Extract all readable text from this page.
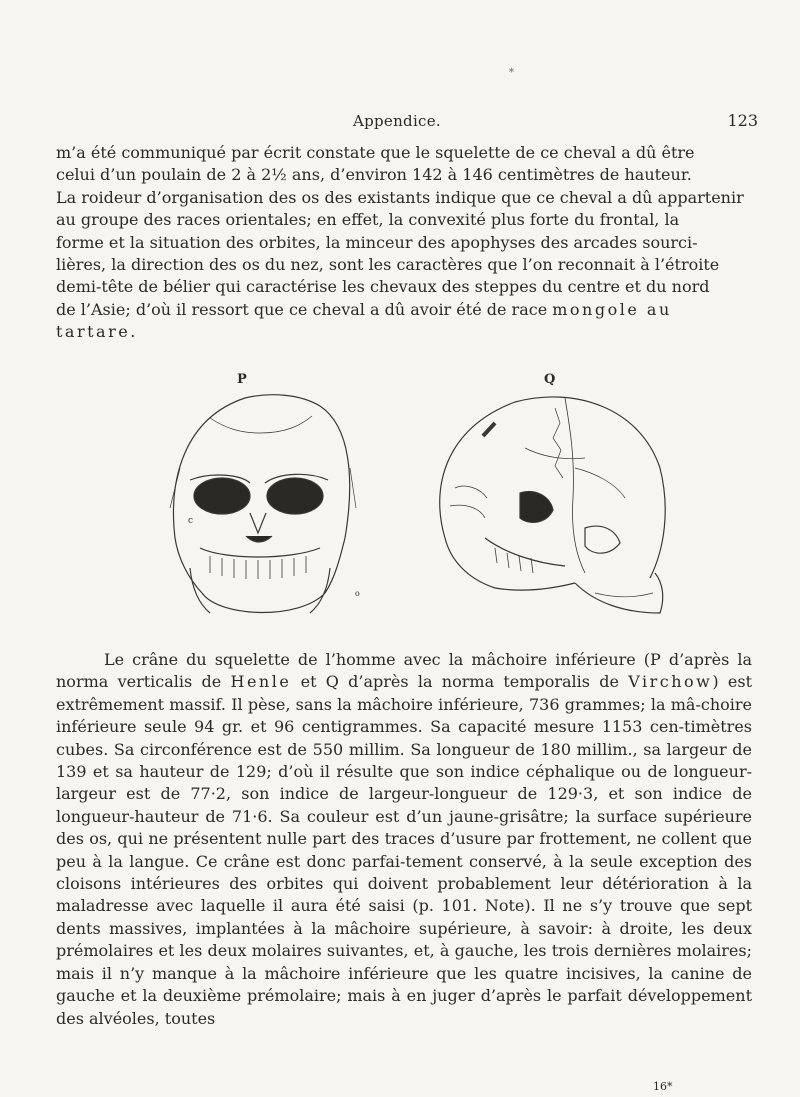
⁎
Appendice.	123

m’a été communiqué par écrit constate que le squelette de ce cheval a dû être

celui d’un poulain de 2 à 2½ ans, d’environ 142 à 146 centimètres de hauteur.

La roideur d’organisation des os des existants indique que ce cheval a dû appartenir

au groupe des races orientales; en effet, la convexité plus forte du frontal, la

forme et la situation des orbites, la minceur des apophyses des arcades sourci-

lières, la direction des os du nez, sont les caractères que l’on reconnait à l’étroite

demi-tête de bélier qui caractérise les chevaux des steppes du centre et du nord

de l’Asie; d’où il ressort que ce cheval a dû avoir été de race mongole au

tartare.

P	Q
c
o
Le crâne du squelette de l’homme avec la mâchoire inférieure (P d’après la norma verticalis de Henle et Q d’après la norma temporalis de Virchow) est extrêmement massif. Il pèse, sans la mâchoire inférieure, 736 grammes; la mâ-choire inférieure seule 94 gr. et 96 centigrammes. Sa capacité mesure 1153 cen-timètres cubes. Sa circonférence est de 550 millim. Sa longueur de 180 millim., sa largeur de 139 et sa hauteur de 129; d’où il résulte que son indice céphalique ou de longueur-largeur est de 77·2, son indice de largeur-longueur de 129·3, et son indice de longueur-hauteur de 71·6. Sa couleur est d’un jaune-grisâtre; la surface supérieure des os, qui ne présentent nulle part des traces d’usure par frottement, ne collent que peu à la langue. Ce crâne est donc parfai-tement conservé, à la seule exception des cloisons intérieures des orbites qui doivent probablement leur détérioration à la maladresse avec laquelle il aura été saisi (p. 101. Note). Il ne s’y trouve que sept dents massives, implantées à la mâchoire supérieure, à savoir: à droite, les deux prémolaires et les deux molaires suivantes, et, à gauche, les trois dernières molaires; mais il n’y manque à la mâchoire inférieure que les quatre incisives, la canine de gauche et la deuxième prémolaire; mais à en juger d’après le parfait développement des alvéoles, toutes
16*
